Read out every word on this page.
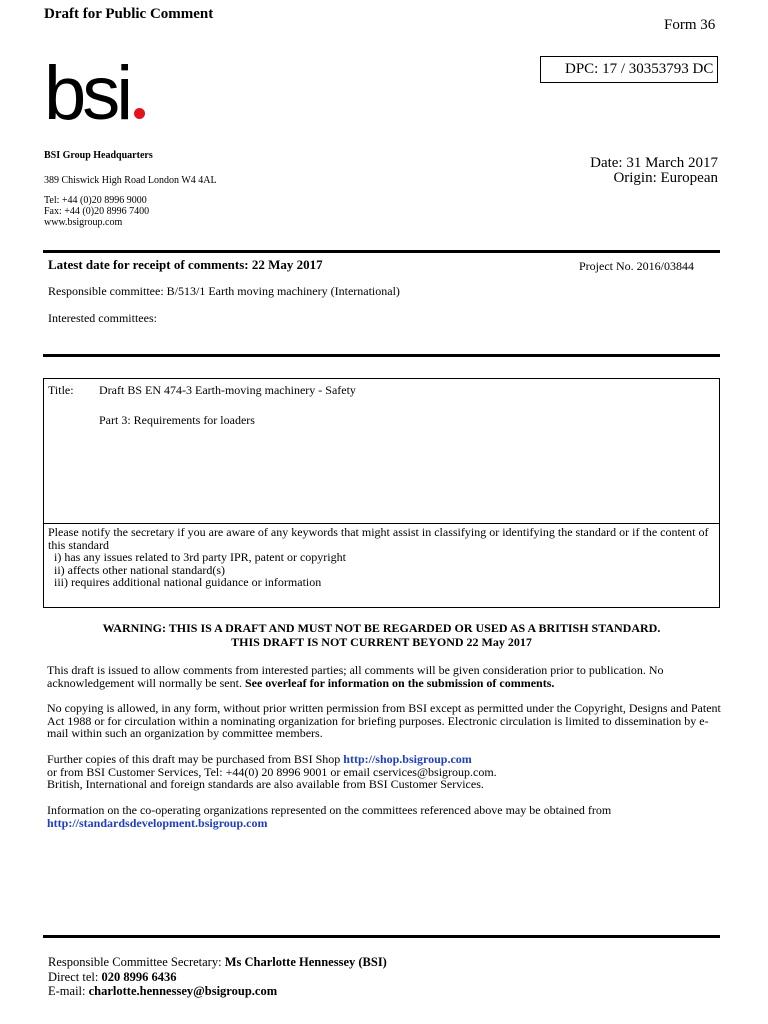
Draft for Public Comment
Form 36
DPC: 17 / 30353793 DC
bsi
BSI Group Headquarters
389 Chiswick High Road London W4 4AL
Tel: +44 (0)20 8996 9000
Fax: +44 (0)20 8996 7400
www.bsigroup.com
Date: 31 March 2017
Origin: European
Latest date for receipt of comments: 22 May 2017	Project No. 2016/03844
Responsible committee: B/513/1 Earth moving machinery (International)
Interested committees:
Title: Draft BS EN 474-3 Earth-moving machinery - Safety
Part 3: Requirements for loaders
Please notify the secretary if you are aware of any keywords that might assist in classifying or identifying the standard or if the content of this standard
i) has any issues related to 3rd party IPR, patent or copyright
ii) affects other national standard(s)
iii) requires additional national guidance or information
WARNING: THIS IS A DRAFT AND MUST NOT BE REGARDED OR USED AS A BRITISH STANDARD.
THIS DRAFT IS NOT CURRENT BEYOND 22 May 2017
This draft is issued to allow comments from interested parties; all comments will be given consideration prior to publication. No acknowledgement will normally be sent. See overleaf for information on the submission of comments.
No copying is allowed, in any form, without prior written permission from BSI except as permitted under the Copyright, Designs and Patent Act 1988 or for circulation within a nominating organization for briefing purposes. Electronic circulation is limited to dissemination by e-mail within such an organization by committee members.
Further copies of this draft may be purchased from BSI Shop http://shop.bsigroup.com
or from BSI Customer Services, Tel: +44(0) 20 8996 9001 or email cservices@bsigroup.com.
British, International and foreign standards are also available from BSI Customer Services.
Information on the co-operating organizations represented on the committees referenced above may be obtained from
http://standardsdevelopment.bsigroup.com
Responsible Committee Secretary: Ms Charlotte Hennessey (BSI)
Direct tel: 020 8996 6436
E-mail: charlotte.hennessey@bsigroup.com
